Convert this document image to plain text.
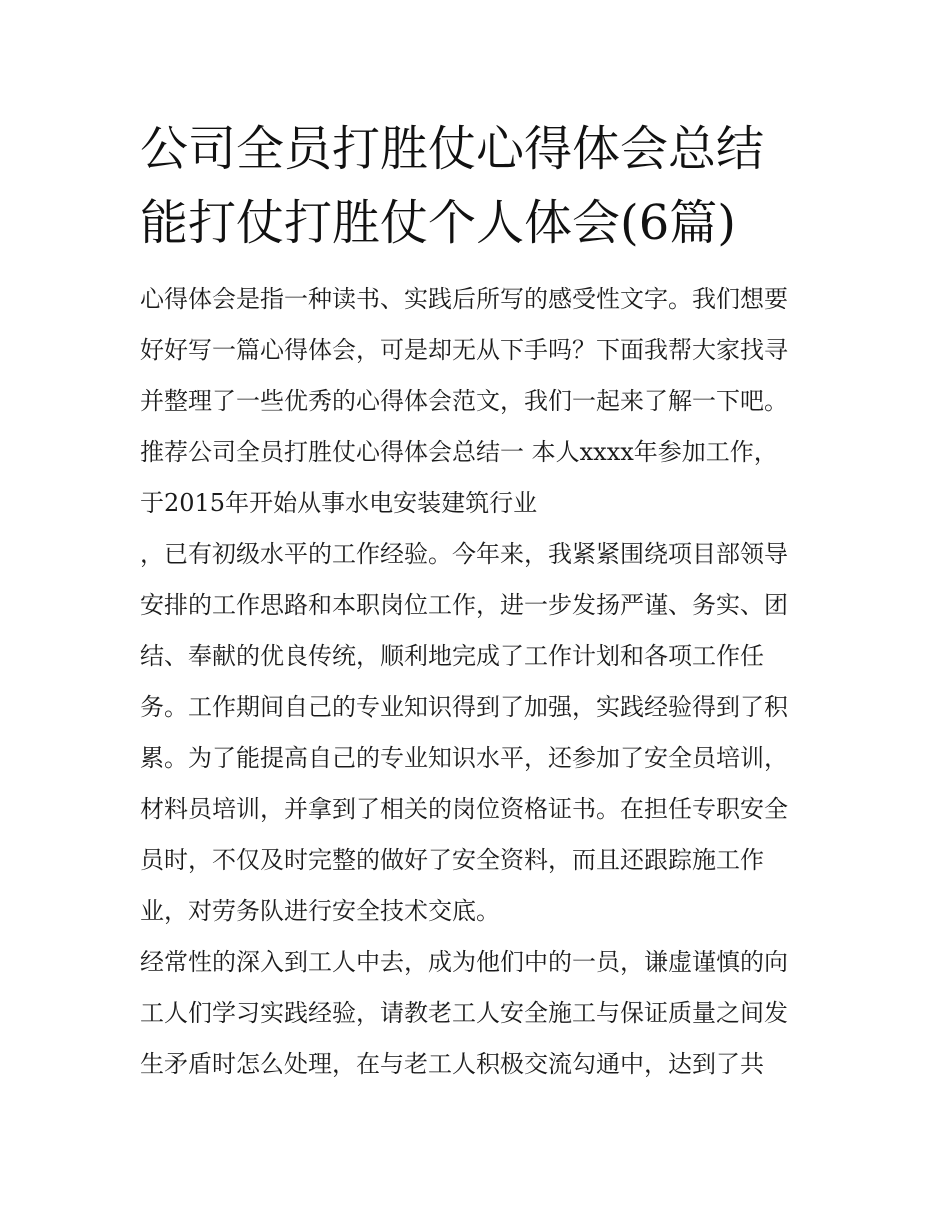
公司全员打胜仗心得体会总结
能打仗打胜仗个人体会(6篇)
心得体会是指一种读书、实践后所写的感受性文字。我们想要
好好写一篇心得体会，可是却无从下手吗？下面我帮大家找寻
并整理了一些优秀的心得体会范文，我们一起来了解一下吧。
推荐公司全员打胜仗心得体会总结一 本人xxxx年参加工作，
于2015年开始从事水电安装建筑行业
，已有初级水平的工作经验。今年来，我紧紧围绕项目部领导
安排的工作思路和本职岗位工作，进一步发扬严谨、务实、团
结、奉献的优良传统，顺利地完成了工作计划和各项工作任
务。工作期间自己的专业知识得到了加强，实践经验得到了积
累。为了能提高自己的专业知识水平，还参加了安全员培训，
材料员培训，并拿到了相关的岗位资格证书。在担任专职安全
员时，不仅及时完整的做好了安全资料，而且还跟踪施工作
业，对劳务队进行安全技术交底。
经常性的深入到工人中去，成为他们中的一员，谦虚谨慎的向
工人们学习实践经验，请教老工人安全施工与保证质量之间发
生矛盾时怎么处理，在与老工人积极交流勾通中，达到了共
